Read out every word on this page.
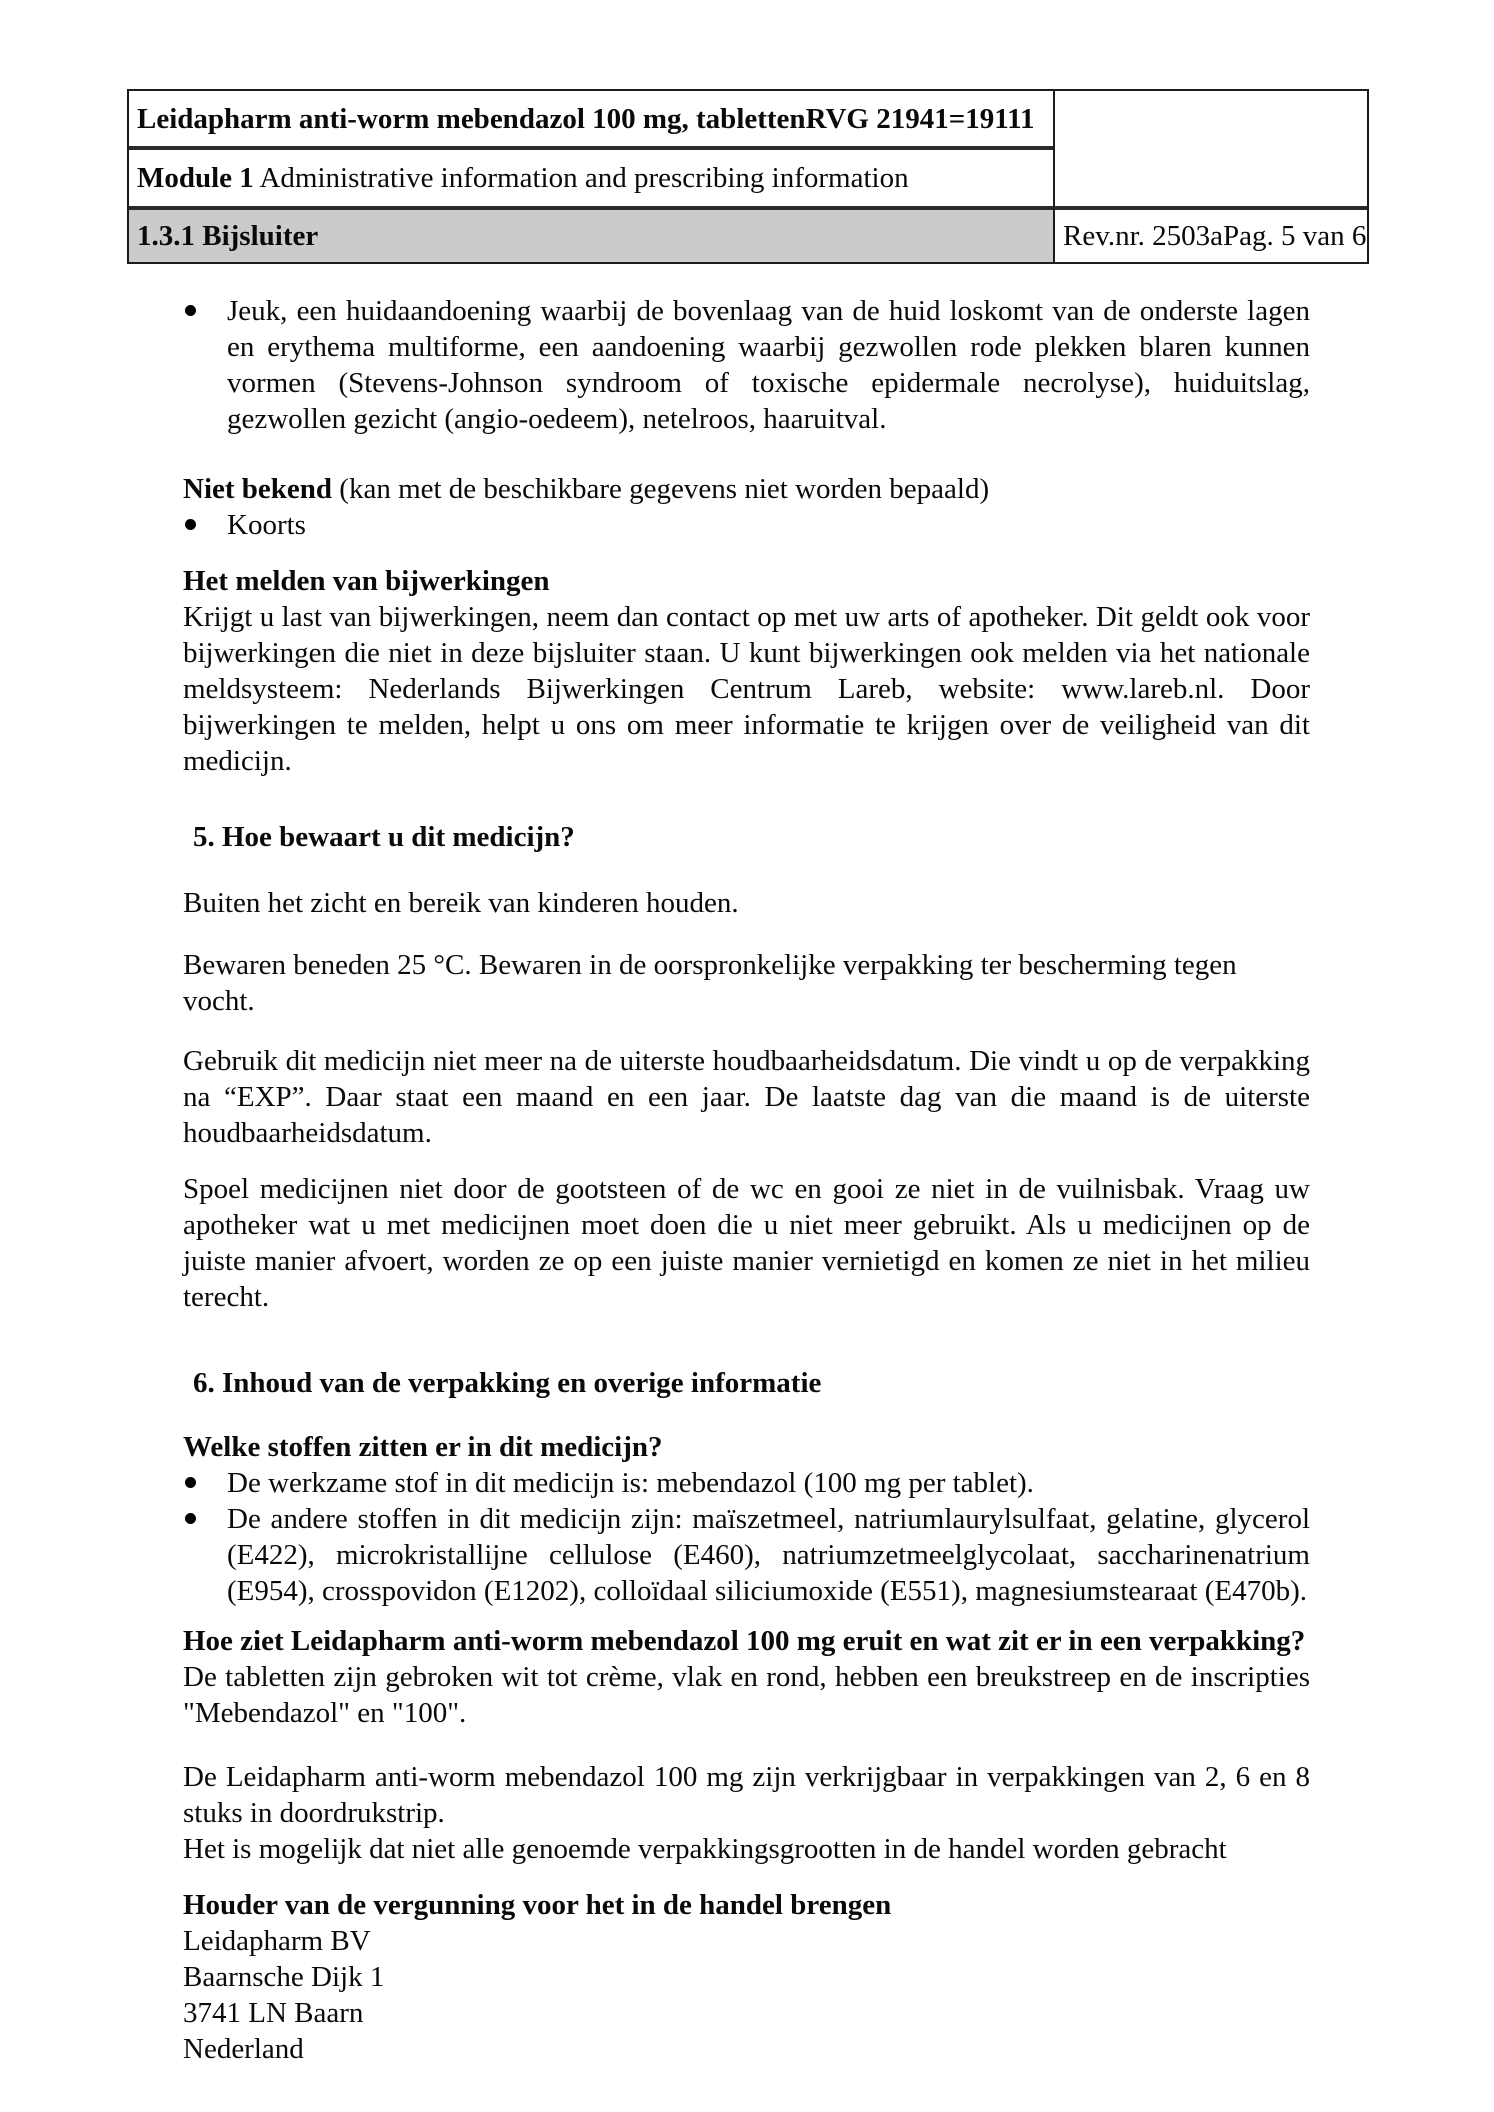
Leidapharm anti-worm mebendazol 100 mg, tabletten RVG 21941=19111
Module 1 Administrative information and prescribing information
1.3.1 Bijsluiter	Rev.nr. 2503a Pag. 5 van 6
Jeuk, een huidaandoening waarbij de bovenlaag van de huid loskomt van de onderste lagen en erythema multiforme, een aandoening waarbij gezwollen rode plekken blaren kunnen vormen (Stevens-Johnson syndroom of toxische epidermale necrolyse), huiduitslag, gezwollen gezicht (angio-oedeem), netelroos, haaruitval.

Niet bekend (kan met de beschikbare gegevens niet worden bepaald)

Koorts

Het melden van bijwerkingen

Krijgt u last van bijwerkingen, neem dan contact op met uw arts of apotheker. Dit geldt ook voor bijwerkingen die niet in deze bijsluiter staan. U kunt bijwerkingen ook melden via het nationale meldsysteem: Nederlands Bijwerkingen Centrum Lareb, website: www.lareb.nl. Door bijwerkingen te melden, helpt u ons om meer informatie te krijgen over de veiligheid van dit medicijn.

5. Hoe bewaart u dit medicijn?

Buiten het zicht en bereik van kinderen houden.

Bewaren beneden 25 °C. Bewaren in de oorspronkelijke verpakking ter bescherming tegen vocht.

Gebruik dit medicijn niet meer na de uiterste houdbaarheidsdatum. Die vindt u op de verpakking na “EXP”. Daar staat een maand en een jaar. De laatste dag van die maand is de uiterste houdbaarheidsdatum.

Spoel medicijnen niet door de gootsteen of de wc en gooi ze niet in de vuilnisbak. Vraag uw apotheker wat u met medicijnen moet doen die u niet meer gebruikt. Als u medicijnen op de juiste manier afvoert, worden ze op een juiste manier vernietigd en komen ze niet in het milieu terecht.

6. Inhoud van de verpakking en overige informatie

Welke stoffen zitten er in dit medicijn?

De werkzame stof in dit medicijn is: mebendazol (100 mg per tablet).
De andere stoffen in dit medicijn zijn: maïszetmeel, natriumlaurylsulfaat, gelatine, glycerol (E422), microkristallijne cellulose (E460), natriumzetmeelglycolaat, saccharinenatrium (E954), crosspovidon (E1202), colloïdaal siliciumoxide (E551), magnesiumstearaat (E470b).

Hoe ziet Leidapharm anti-worm mebendazol 100 mg eruit en wat zit er in een verpakking?

De tabletten zijn gebroken wit tot crème, vlak en rond, hebben een breukstreep en de inscripties "Mebendazol" en "100".

De Leidapharm anti-worm mebendazol 100 mg zijn verkrijgbaar in verpakkingen van 2, 6 en 8 stuks in doordrukstrip.

Het is mogelijk dat niet alle genoemde verpakkingsgrootten in de handel worden gebracht

Houder van de vergunning voor het in de handel brengen

Leidapharm BV

Baarnsche Dijk 1

3741 LN Baarn

Nederland
